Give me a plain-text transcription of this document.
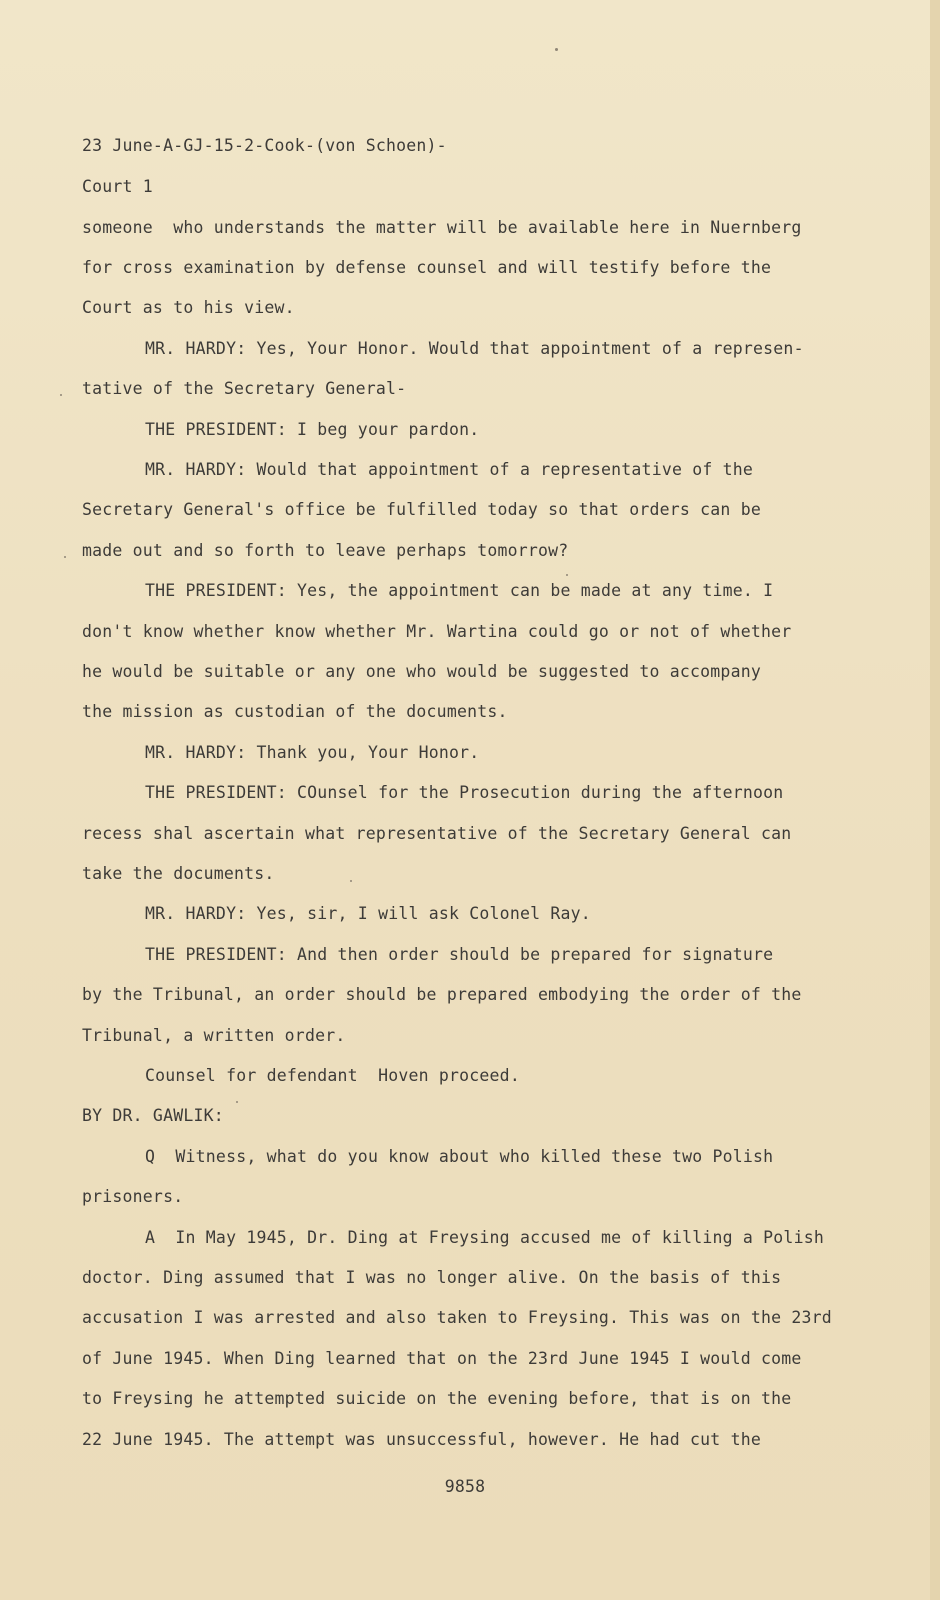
23 June-A-GJ-15-2-Cook-(von Schoen)-
Court 1
someone  who understands the matter will be available here in Nuernberg
for cross examination by defense counsel and will testify before the
Court as to his view.
MR. HARDY: Yes, Your Honor. Would that appointment of a represen-
tative of the Secretary General-
THE PRESIDENT: I beg your pardon.
MR. HARDY: Would that appointment of a representative of the
Secretary General's office be fulfilled today so that orders can be
made out and so forth to leave perhaps tomorrow?
THE PRESIDENT: Yes, the appointment can be made at any time. I
don't know whether know whether Mr. Wartina could go or not of whether
he would be suitable or any one who would be suggested to accompany
the mission as custodian of the documents.
MR. HARDY: Thank you, Your Honor.
THE PRESIDENT: COunsel for the Prosecution during the afternoon
recess shal ascertain what representative of the Secretary General can
take the documents.
MR. HARDY: Yes, sir, I will ask Colonel Ray.
THE PRESIDENT: And then order should be prepared for signature
by the Tribunal, an order should be prepared embodying the order of the
Tribunal, a written order.
Counsel for defendant  Hoven proceed.
BY DR. GAWLIK:
Q  Witness, what do you know about who killed these two Polish
prisoners.
A  In May 1945, Dr. Ding at Freysing accused me of killing a Polish
doctor. Ding assumed that I was no longer alive. On the basis of this
accusation I was arrested and also taken to Freysing. This was on the 23rd
of June 1945. When Ding learned that on the 23rd June 1945 I would come
to Freysing he attempted suicide on the evening before, that is on the
22 June 1945. The attempt was unsuccessful, however. He had cut the
9858
